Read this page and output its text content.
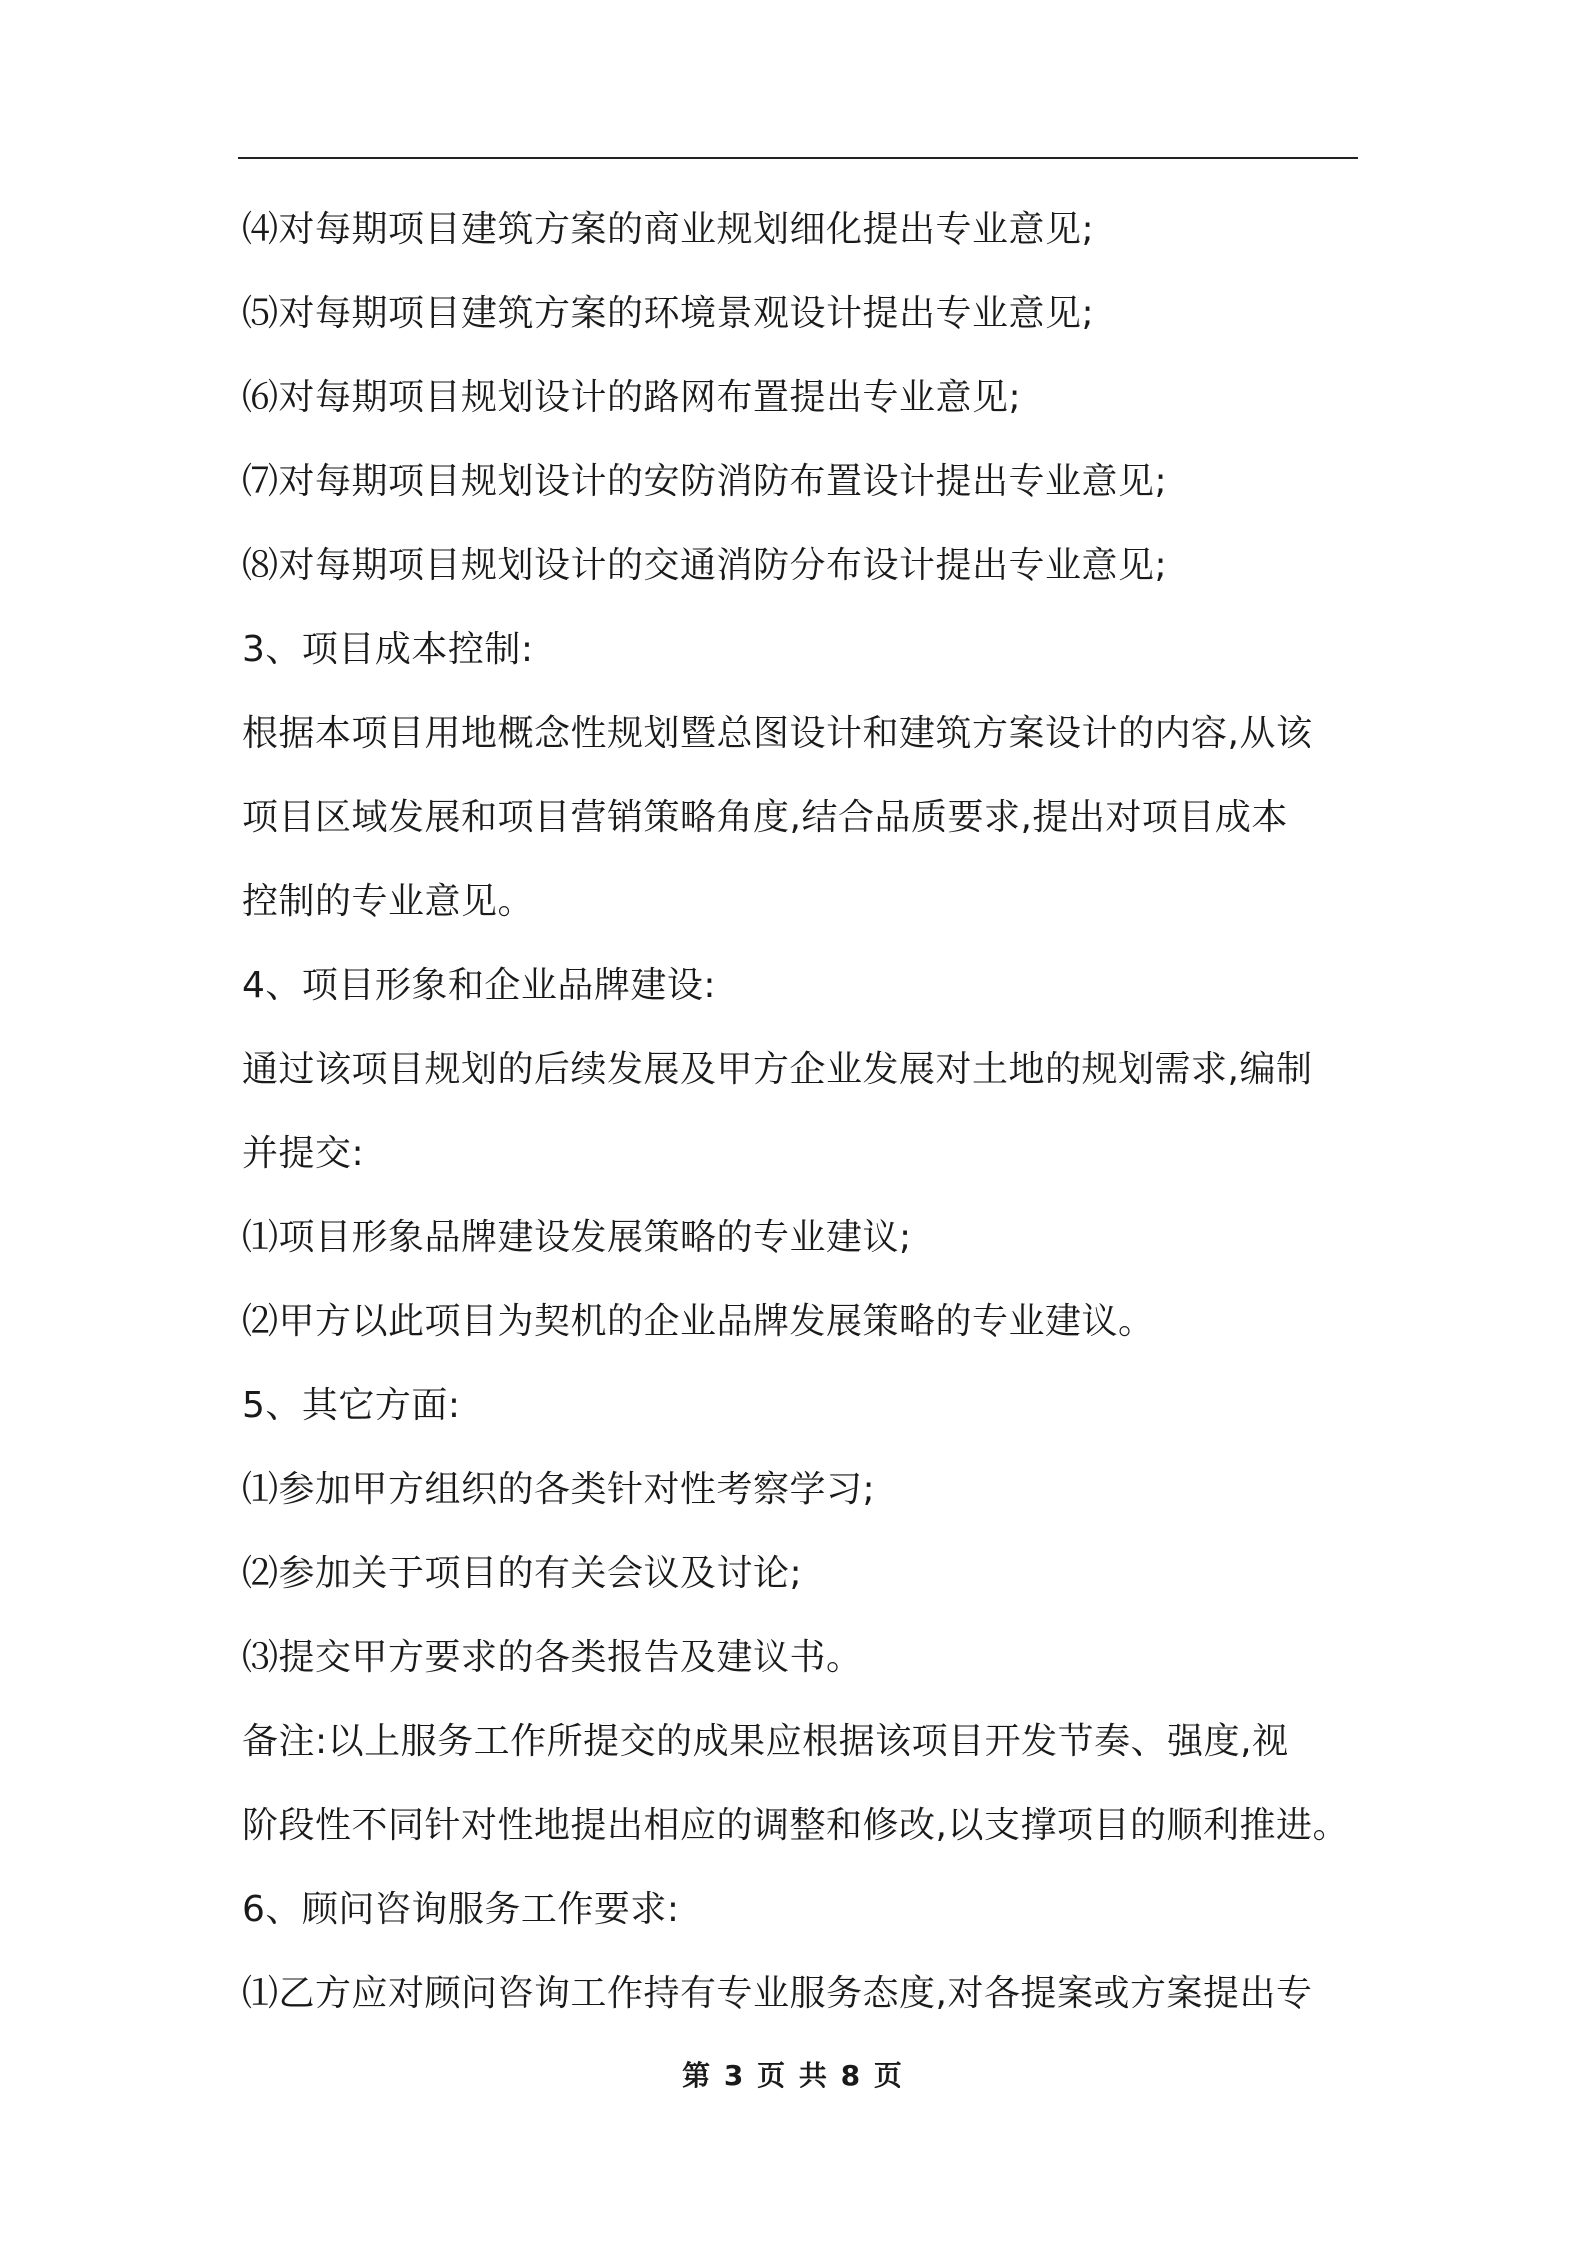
⑷对每期项目建筑方案的商业规划细化提出专业意见;
⑸对每期项目建筑方案的环境景观设计提出专业意见;
⑹对每期项目规划设计的路网布置提出专业意见;
⑺对每期项目规划设计的安防消防布置设计提出专业意见;
⑻对每期项目规划设计的交通消防分布设计提出专业意见;
3、项目成本控制:
根据本项目用地概念性规划暨总图设计和建筑方案设计的内容,从该
项目区域发展和项目营销策略角度,结合品质要求,提出对项目成本
控制的专业意见。
4、项目形象和企业品牌建设:
通过该项目规划的后续发展及甲方企业发展对土地的规划需求,编制
并提交:
⑴项目形象品牌建设发展策略的专业建议;
⑵甲方以此项目为契机的企业品牌发展策略的专业建议。
5、其它方面:
⑴参加甲方组织的各类针对性考察学习;
⑵参加关于项目的有关会议及讨论;
⑶提交甲方要求的各类报告及建议书。
备注:以上服务工作所提交的成果应根据该项目开发节奏、强度,视
阶段性不同针对性地提出相应的调整和修改,以支撑项目的顺利推进。
6、顾问咨询服务工作要求:
⑴乙方应对顾问咨询工作持有专业服务态度,对各提案或方案提出专
第 3 页 共 8 页
